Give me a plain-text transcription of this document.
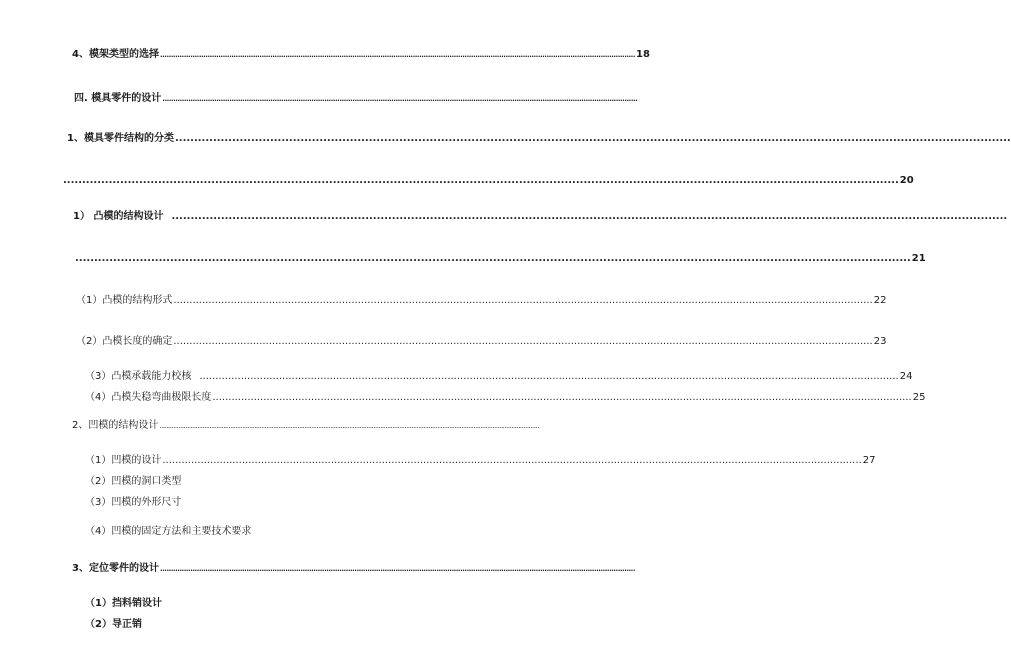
4、模架类型的选择 ............................................................................................................................................................................................................................ 18
四. 模具零件的设计 ............................................................................................................................................................................................................................
1、模具零件结构的分类 ............................................................................................................................................................................................................................
............................................................................................................................................................................................................................ 20
1） 凸模的结构设计 ............................................................................................................................................................................................................................
............................................................................................................................................................................................................................ 21
（1）凸模的结构形式 ............................................................................................................................................................................................................................ 22
（2）凸模长度的确定 ............................................................................................................................................................................................................................ 23
（3）凸模承载能力校核 ............................................................................................................................................................................................................................ 24
（4）凸模失稳弯曲极限长度 ............................................................................................................................................................................................................................ 25
2、凹模的结构设计 ............................................................................................................................................................................................................................
（1）凹模的设计 ............................................................................................................................................................................................................................ 27
（2）凹模的洞口类型
（3）凹模的外形尺寸
（4）凹模的固定方法和主要技术要求
3、定位零件的设计 ............................................................................................................................................................................................................................
（1）挡料销设计
（2）导正销
